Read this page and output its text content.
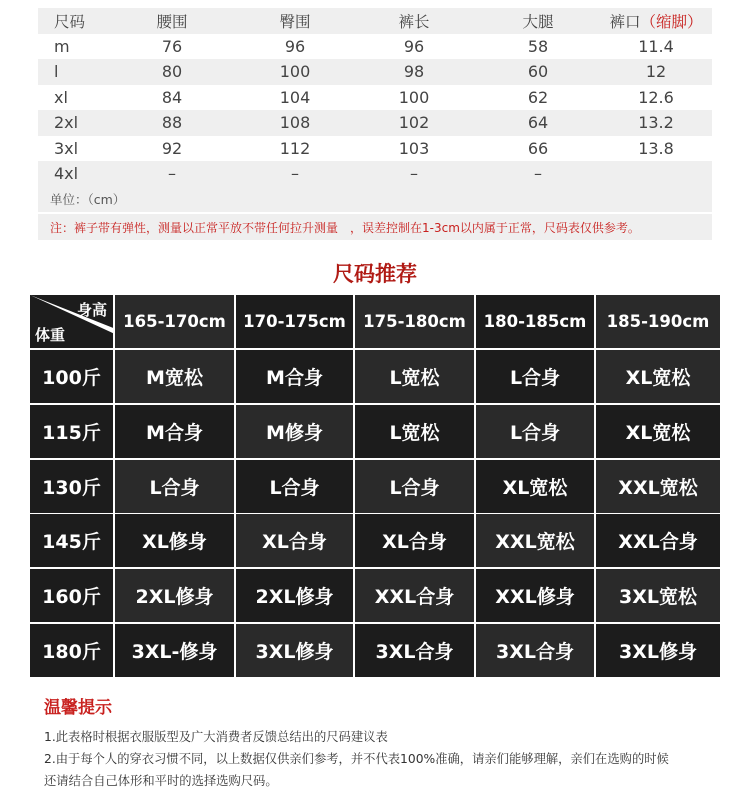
尺码	腰围	臀围	裤长	大腿	裤口（缩脚）
m	76	96	96	58	11.4
l	80	100	98	60	12
xl	84	104	100	62	12.6
2xl	88	108	102	64	13.2
3xl	92	112	103	66	13.8
4xl	–	–	–	–
单位：（cm）
注：裤子带有弹性，测量以正常平放不带任何拉升测量　，误差控制在1-3cm以内属于正常，尺码表仅供参考。
尺码推荐
身高
体重
165-170cm	170-175cm	175-180cm	180-185cm	185-190cm
100斤	M宽松	M合身	L宽松	L合身	XL宽松
115斤	M合身	M修身	L宽松	L合身	XL宽松
130斤	L合身	L合身	L合身	XL宽松	XXL宽松
145斤	XL修身	XL合身	XL合身	XXL宽松	XXL合身
160斤	2XL修身	2XL修身	XXL合身	XXL修身	3XL宽松
180斤	3XL-修身	3XL修身	3XL合身	3XL合身	3XL修身
温馨提示
1.此表格时根据衣服版型及广大消费者反馈总结出的尺码建议表
2.由于每个人的穿衣习惯不同，以上数据仅供亲们参考，并不代表100%准确，请亲们能够理解，亲们在选购的时候
还请结合自己体形和平时的选择选购尺码。
